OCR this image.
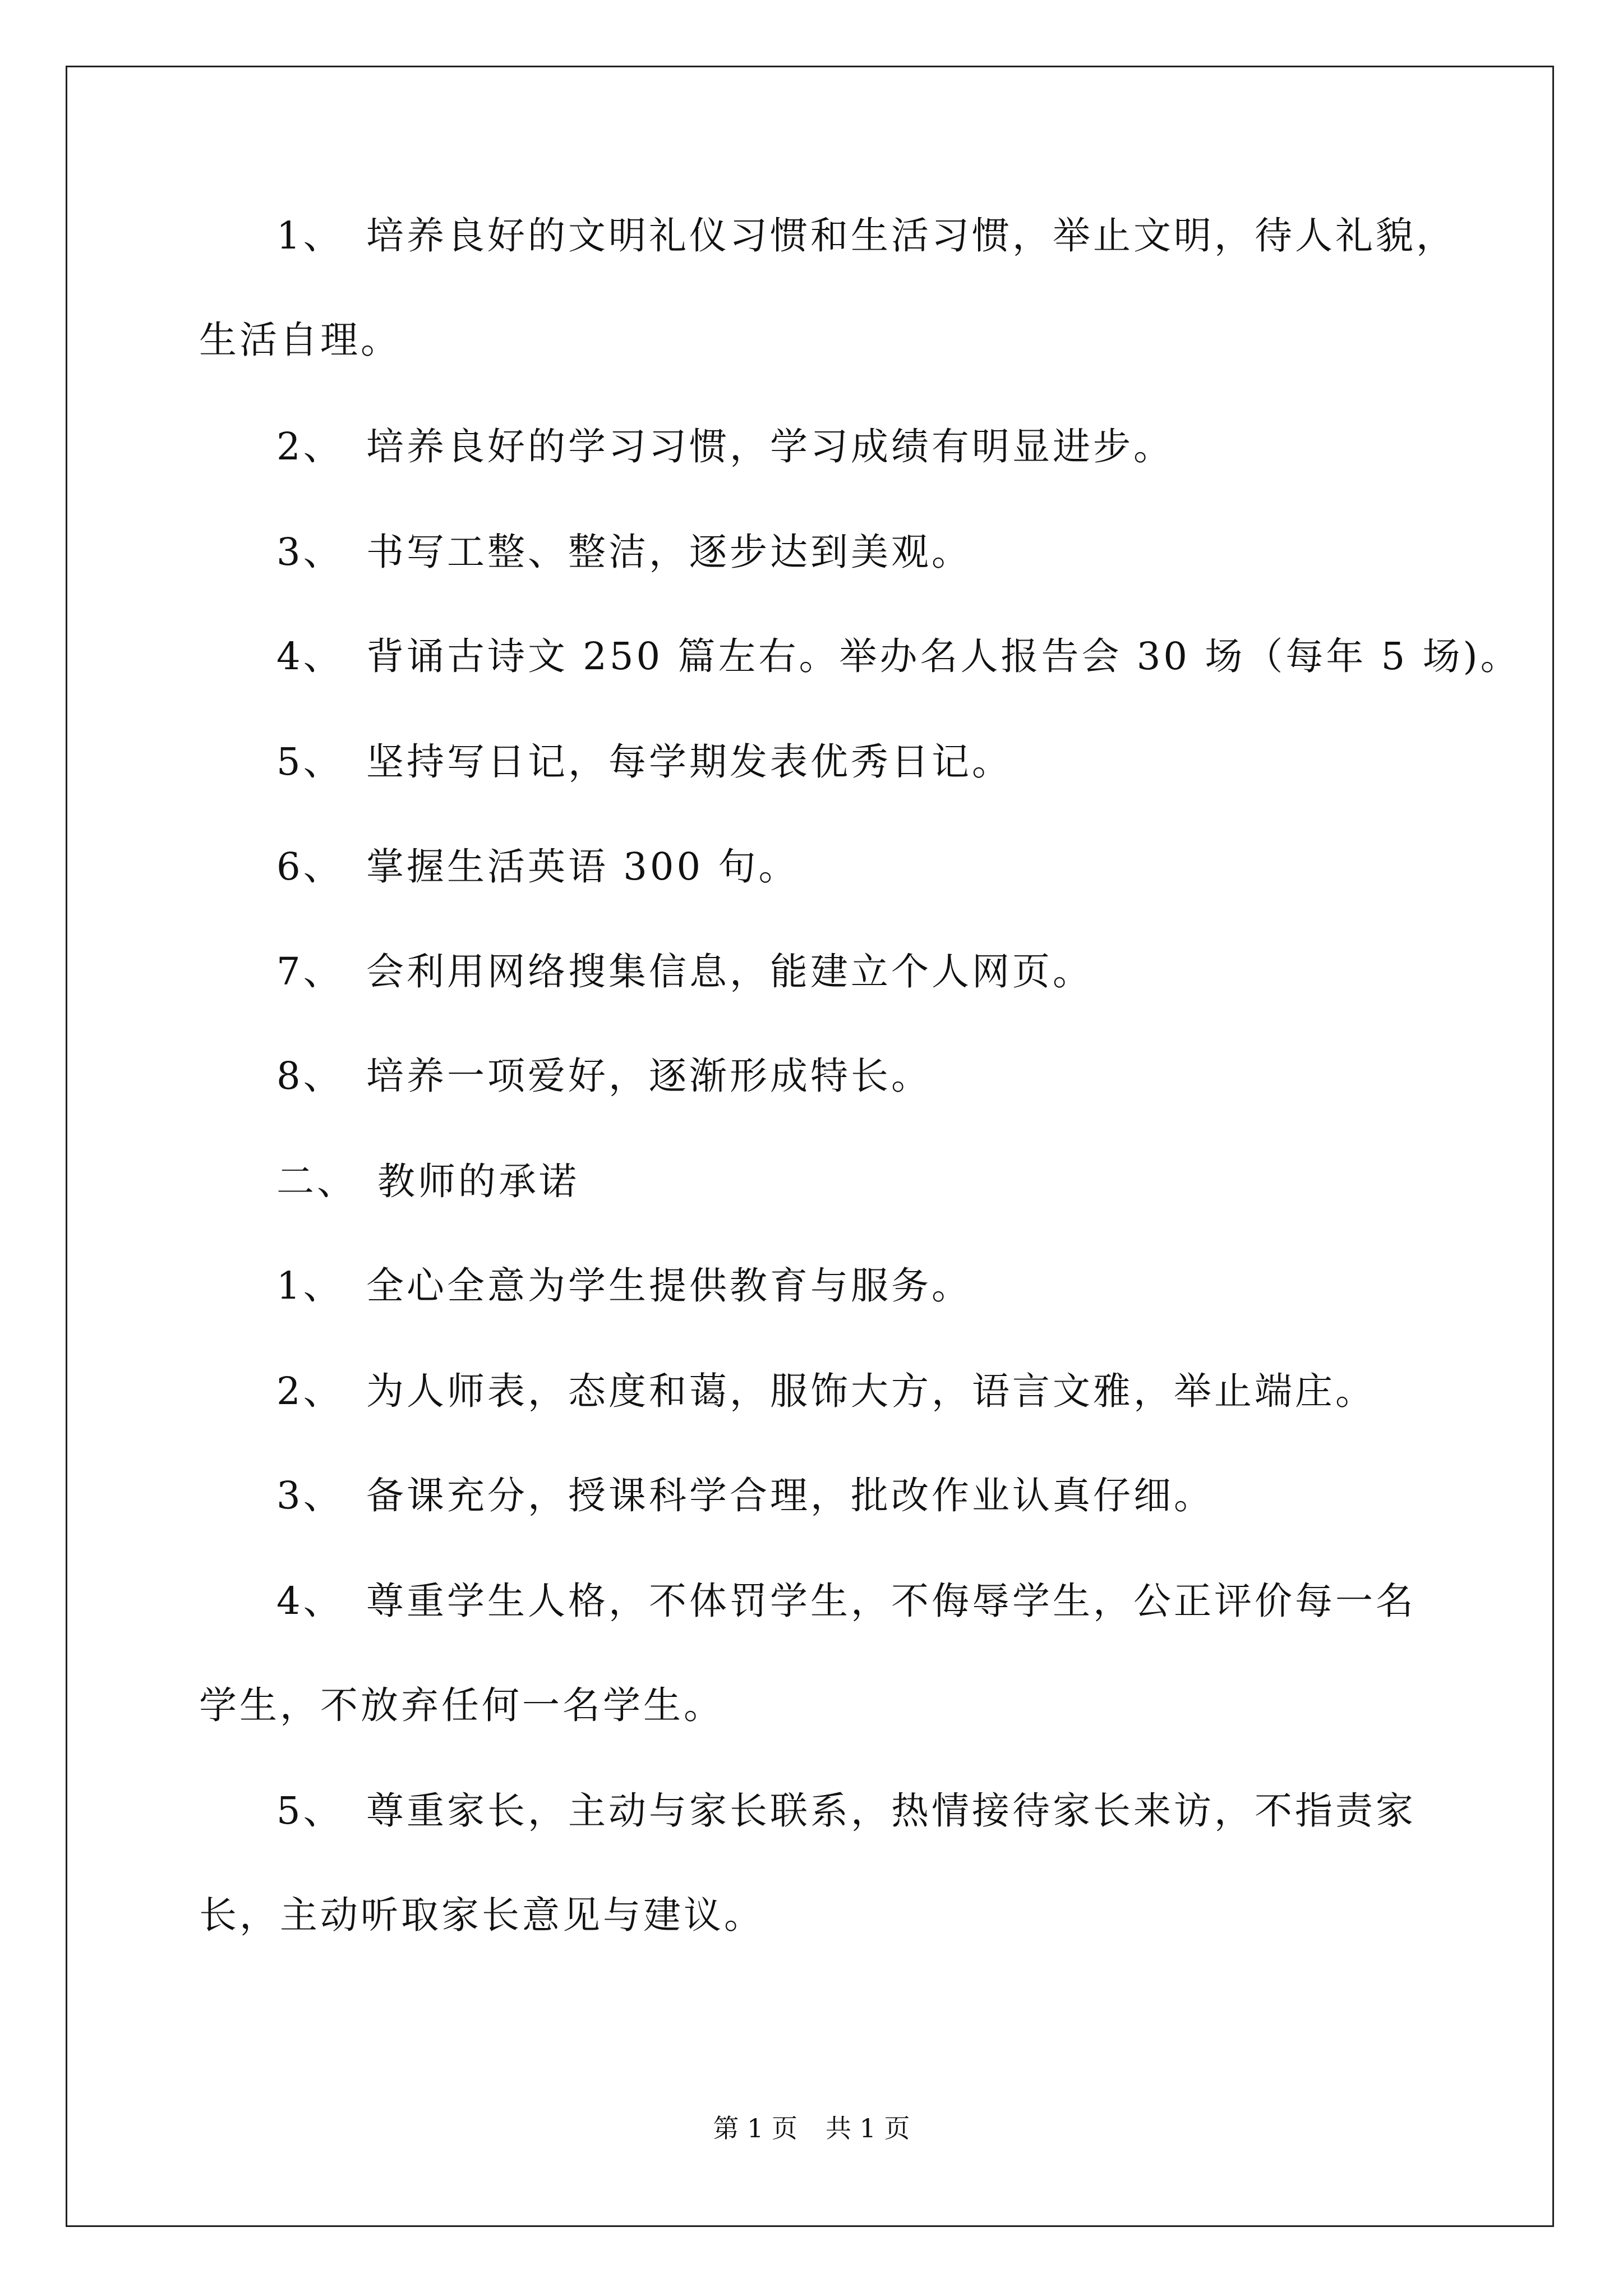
1、 培养良好的文明礼仪习惯和生活习惯，举止文明，待人礼貌，
生活自理。
2、 培养良好的学习习惯，学习成绩有明显进步。
3、 书写工整、整洁，逐步达到美观。
4、 背诵古诗文 250 篇左右。举办名人报告会 30 场（每年 5 场)。
5、 坚持写日记，每学期发表优秀日记。
6、 掌握生活英语 300 句。
7、 会利用网络搜集信息，能建立个人网页。
8、 培养一项爱好，逐渐形成特长。
二、 教师的承诺
1、 全心全意为学生提供教育与服务。
2、 为人师表，态度和蔼，服饰大方，语言文雅，举止端庄。
3、 备课充分，授课科学合理，批改作业认真仔细。
4、 尊重学生人格，不体罚学生，不侮辱学生，公正评价每一名
学生，不放弃任何一名学生。
5、 尊重家长，主动与家长联系，热情接待家长来访，不指责家
长，主动听取家长意见与建议。
第 1 页 共 1 页
